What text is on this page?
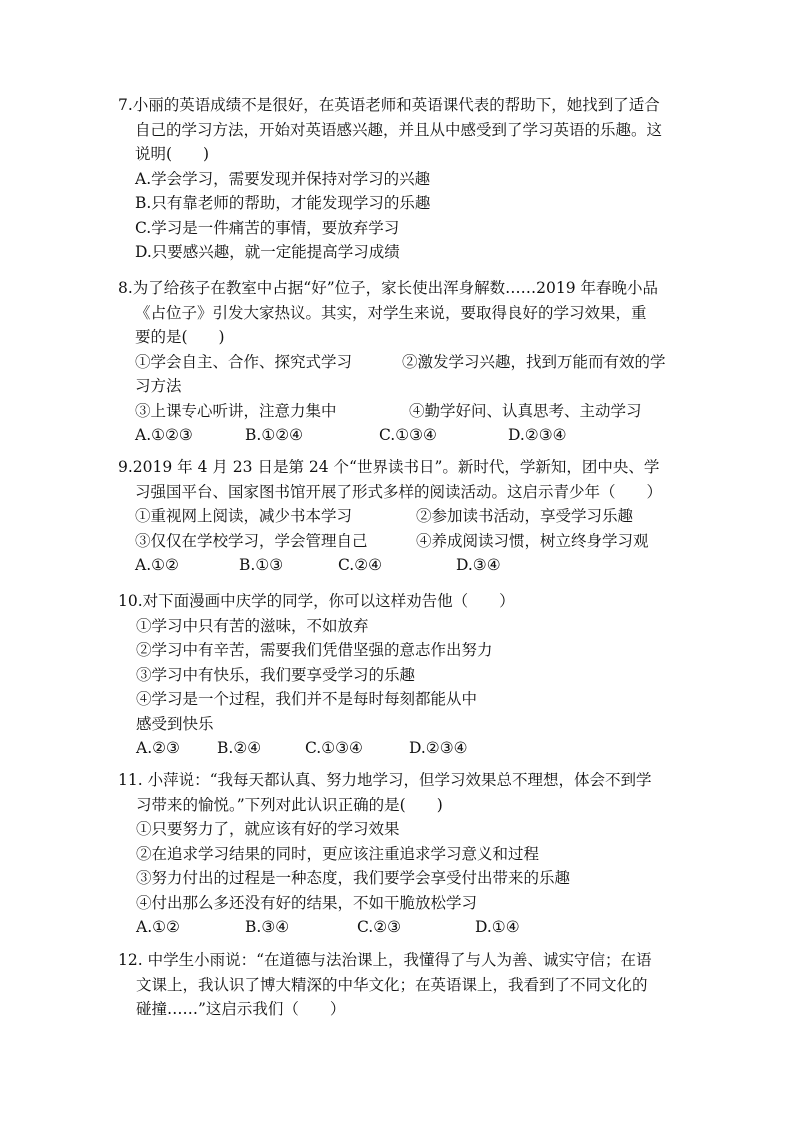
7.小丽的英语成绩不是很好，在英语老师和英语课代表的帮助下，她找到了适合
自己的学习方法，开始对英语感兴趣，并且从中感受到了学习英语的乐趣。这
说明(　　)
A.学会学习，需要发现并保持对学习的兴趣
B.只有靠老师的帮助，才能发现学习的乐趣
C.学习是一件痛苦的事情，要放弃学习
D.只要感兴趣，就一定能提高学习成绩
8.为了给孩子在教室中占据“好”位子，家长使出浑身解数……2019 年春晚小品
《占位子》引发大家热议。其实，对学生来说，要取得良好的学习效果，重
要的是(　　)
①学会自主、合作、探究式学习	②激发学习兴趣，找到万能而有效的学
习方法
③上课专心听讲，注意力集中	④勤学好问、认真思考、主动学习
A.①②③	B.①②④	C.①③④	D.②③④
9.2019 年 4 月 23 日是第 24 个“世界读书日”。新时代，学新知，团中央、学
习强国平台、国家图书馆开展了形式多样的阅读活动。这启示青少年（　　）
①重视网上阅读，减少书本学习	②参加读书活动，享受学习乐趣
③仅仅在学校学习，学会管理自己	④养成阅读习惯，树立终身学习观
A.①②	B.①③	C.②④	D.③④
10.对下面漫画中庆学的同学，你可以这样劝告他（　　）
①学习中只有苦的滋味，不如放弃
②学习中有辛苦，需要我们凭借坚强的意志作出努力
③学习中有快乐，我们要享受学习的乐趣
④学习是一个过程，我们并不是每时每刻都能从中
感受到快乐
A.②③	B.②④	C.①③④	D.②③④
11. 小萍说：“我每天都认真、努力地学习，但学习效果总不理想，体会不到学
习带来的愉悦。”下列对此认识正确的是(　　)
①只要努力了，就应该有好的学习效果
②在追求学习结果的同时，更应该注重追求学习意义和过程
③努力付出的过程是一种态度，我们要学会享受付出带来的乐趣
④付出那么多还没有好的结果，不如干脆放松学习
A.①②	B.③④	C.②③	D.①④
12. 中学生小雨说：“在道德与法治课上，我懂得了与人为善、诚实守信；在语
文课上，我认识了博大精深的中华文化；在英语课上，我看到了不同文化的
碰撞……”这启示我们（　　）
